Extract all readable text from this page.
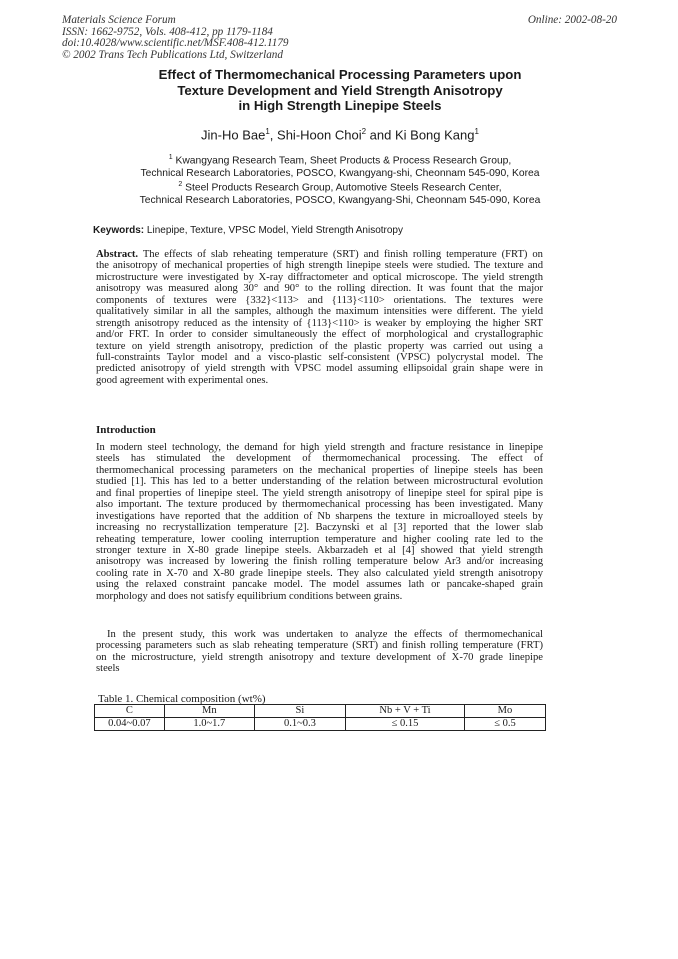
Materials Science Forum
ISSN: 1662-9752, Vols. 408-412, pp 1179-1184
doi:10.4028/www.scientific.net/MSF.408-412.1179
© 2002 Trans Tech Publications Ltd, Switzerland
Online: 2002-08-20
Effect of Thermomechanical Processing Parameters upon
Texture Development and Yield Strength Anisotropy
in High Strength Linepipe Steels
Jin-Ho Bae$^1$, Shi-Hoon Choi$^2$ and Ki Bong Kang$^1$
$^1$ Kwangyang Research Team, Sheet Products & Process Research Group,
Technical Research Laboratories, POSCO, Kwangyang-shi, Cheonnam 545-090, Korea
$^2$ Steel Products Research Group, Automotive Steels Research Center,
Technical Research Laboratories, POSCO, Kwangyang-Shi, Cheonnam 545-090, Korea
Keywords: Linepipe, Texture, VPSC Model, Yield Strength Anisotropy
Abstract. The effects of slab reheating temperature (SRT) and finish rolling temperature (FRT) on
the anisotropy of mechanical properties of high strength linepipe steels were studied. The texture and
microstructure were investigated by X-ray diffractometer and optical microscope. The yield strength
anisotropy was measured along 30° and 90° to the rolling direction. It was fount that the major
components of textures were {332}<113> and {113}<110> orientations. The textures were
qualitatively similar in all the samples, although the maximum intensities were different. The yield
strength anisotropy reduced as the intensity of {113}<110> is weaker by employing the higher SRT
and/or FRT. In order to consider simultaneously the effect of morphological and crystallographic
texture on yield strength anisotropy, prediction of the plastic property was carried out using a
full-constraints Taylor model and a visco-plastic self-consistent (VPSC) polycrystal model. The
predicted anisotropy of yield strength with VPSC model assuming ellipsoidal grain shape were in
good agreement with experimental ones.
Introduction
In modern steel technology, the demand for high yield strength and fracture resistance in linepipe
steels has stimulated the development of thermomechanical processing. The effect of
thermomechanical processing parameters on the mechanical properties of linepipe steels has been
studied [1]. This has led to a better understanding of the relation between microstructural evolution
and final properties of linepipe steel. The yield strength anisotropy of linepipe steel for spiral pipe is
also important. The texture produced by thermomechanical processing has been investigated. Many
investigations have reported that the addition of Nb sharpens the texture in microalloyed steels by
increasing no recrystallization temperature [2]. Baczynski et al [3] reported that the lower slab
reheating temperature, lower cooling interruption temperature and higher cooling rate led to the
stronger texture in X-80 grade linepipe steels. Akbarzadeh et al [4] showed that yield strength
anisotropy was increased by lowering the finish rolling temperature below Ar3 and/or increasing
cooling rate in X-70 and X-80 grade linepipe steels. They also calculated yield strength anisotropy
using the relaxed constraint pancake model. The model assumes lath or pancake-shaped grain
morphology and does not satisfy equilibrium conditions between grains.
In the present study, this work was undertaken to analyze the effects of thermomechanical
processing parameters such as slab reheating temperature (SRT) and finish rolling temperature (FRT)
on the microstructure, yield strength anisotropy and texture development of X-70 grade linepipe
steels
Table 1. Chemical composition (wt%)
C	Mn	Si	Nb + V + Ti	Mo
0.04~0.07	1.0~1.7	0.1~0.3	≤ 0.15	≤ 0.5
